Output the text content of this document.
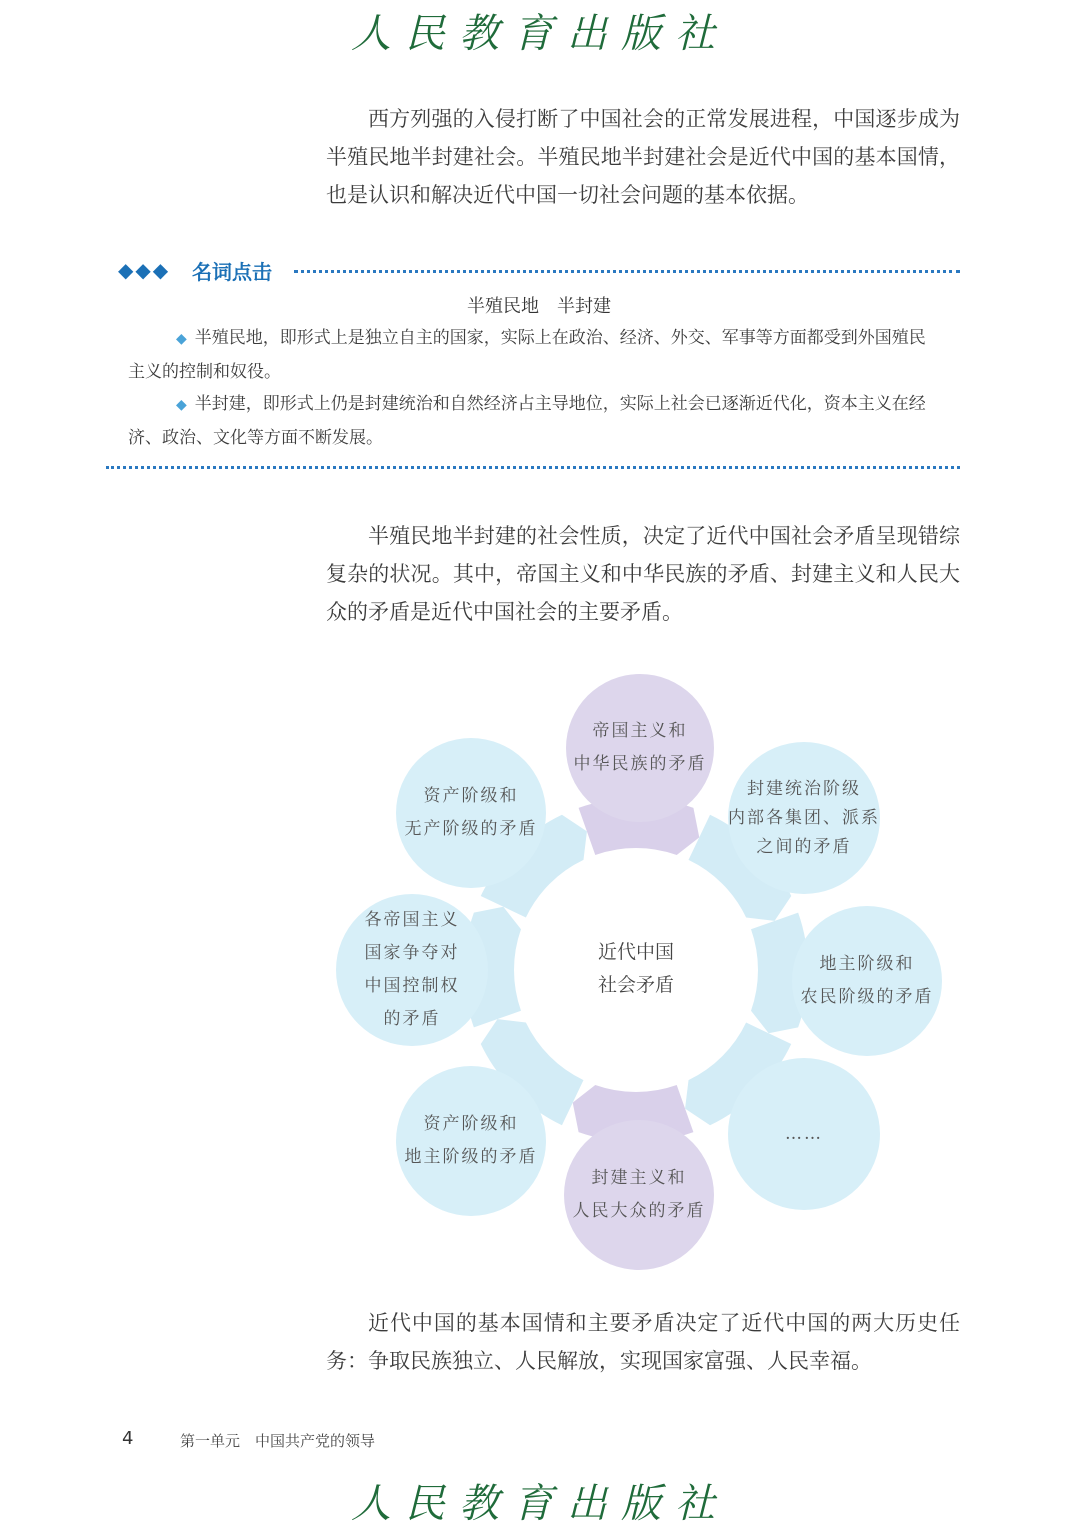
人民教育出版社

西方列强的入侵打断了中国社会的正常发展进程，中国逐步成为半殖民地半封建社会。半殖民地半封建社会是近代中国的基本国情，也是认识和解决近代中国一切社会问题的基本依据。

◆◆◆ 名词点击
半殖民地　半封建

◆ 半殖民地，即形式上是独立自主的国家，实际上在政治、经济、外交、军事等方面都受到外国殖民主义的控制和奴役。

◆ 半封建，即形式上仍是封建统治和自然经济占主导地位，实际上社会已逐渐近代化，资本主义在经济、政治、文化等方面不断发展。

半殖民地半封建的社会性质，决定了近代中国社会矛盾呈现错综复杂的状况。其中，帝国主义和中华民族的矛盾、封建主义和人民大众的矛盾是近代中国社会的主要矛盾。

近代中国
社会矛盾
帝国主义和
中华民族的矛盾
封建统治阶级
内部各集团、派系
之间的矛盾
地主阶级和
农民阶级的矛盾
……
封建主义和
人民大众的矛盾
资产阶级和
地主阶级的矛盾
各帝国主义
国家争夺对
中国控制权
的矛盾
资产阶级和
无产阶级的矛盾

近代中国的基本国情和主要矛盾决定了近代中国的两大历史任务：争取民族独立、人民解放，实现国家富强、人民幸福。

4	第一单元　中国共产党的领导
人民教育出版社
